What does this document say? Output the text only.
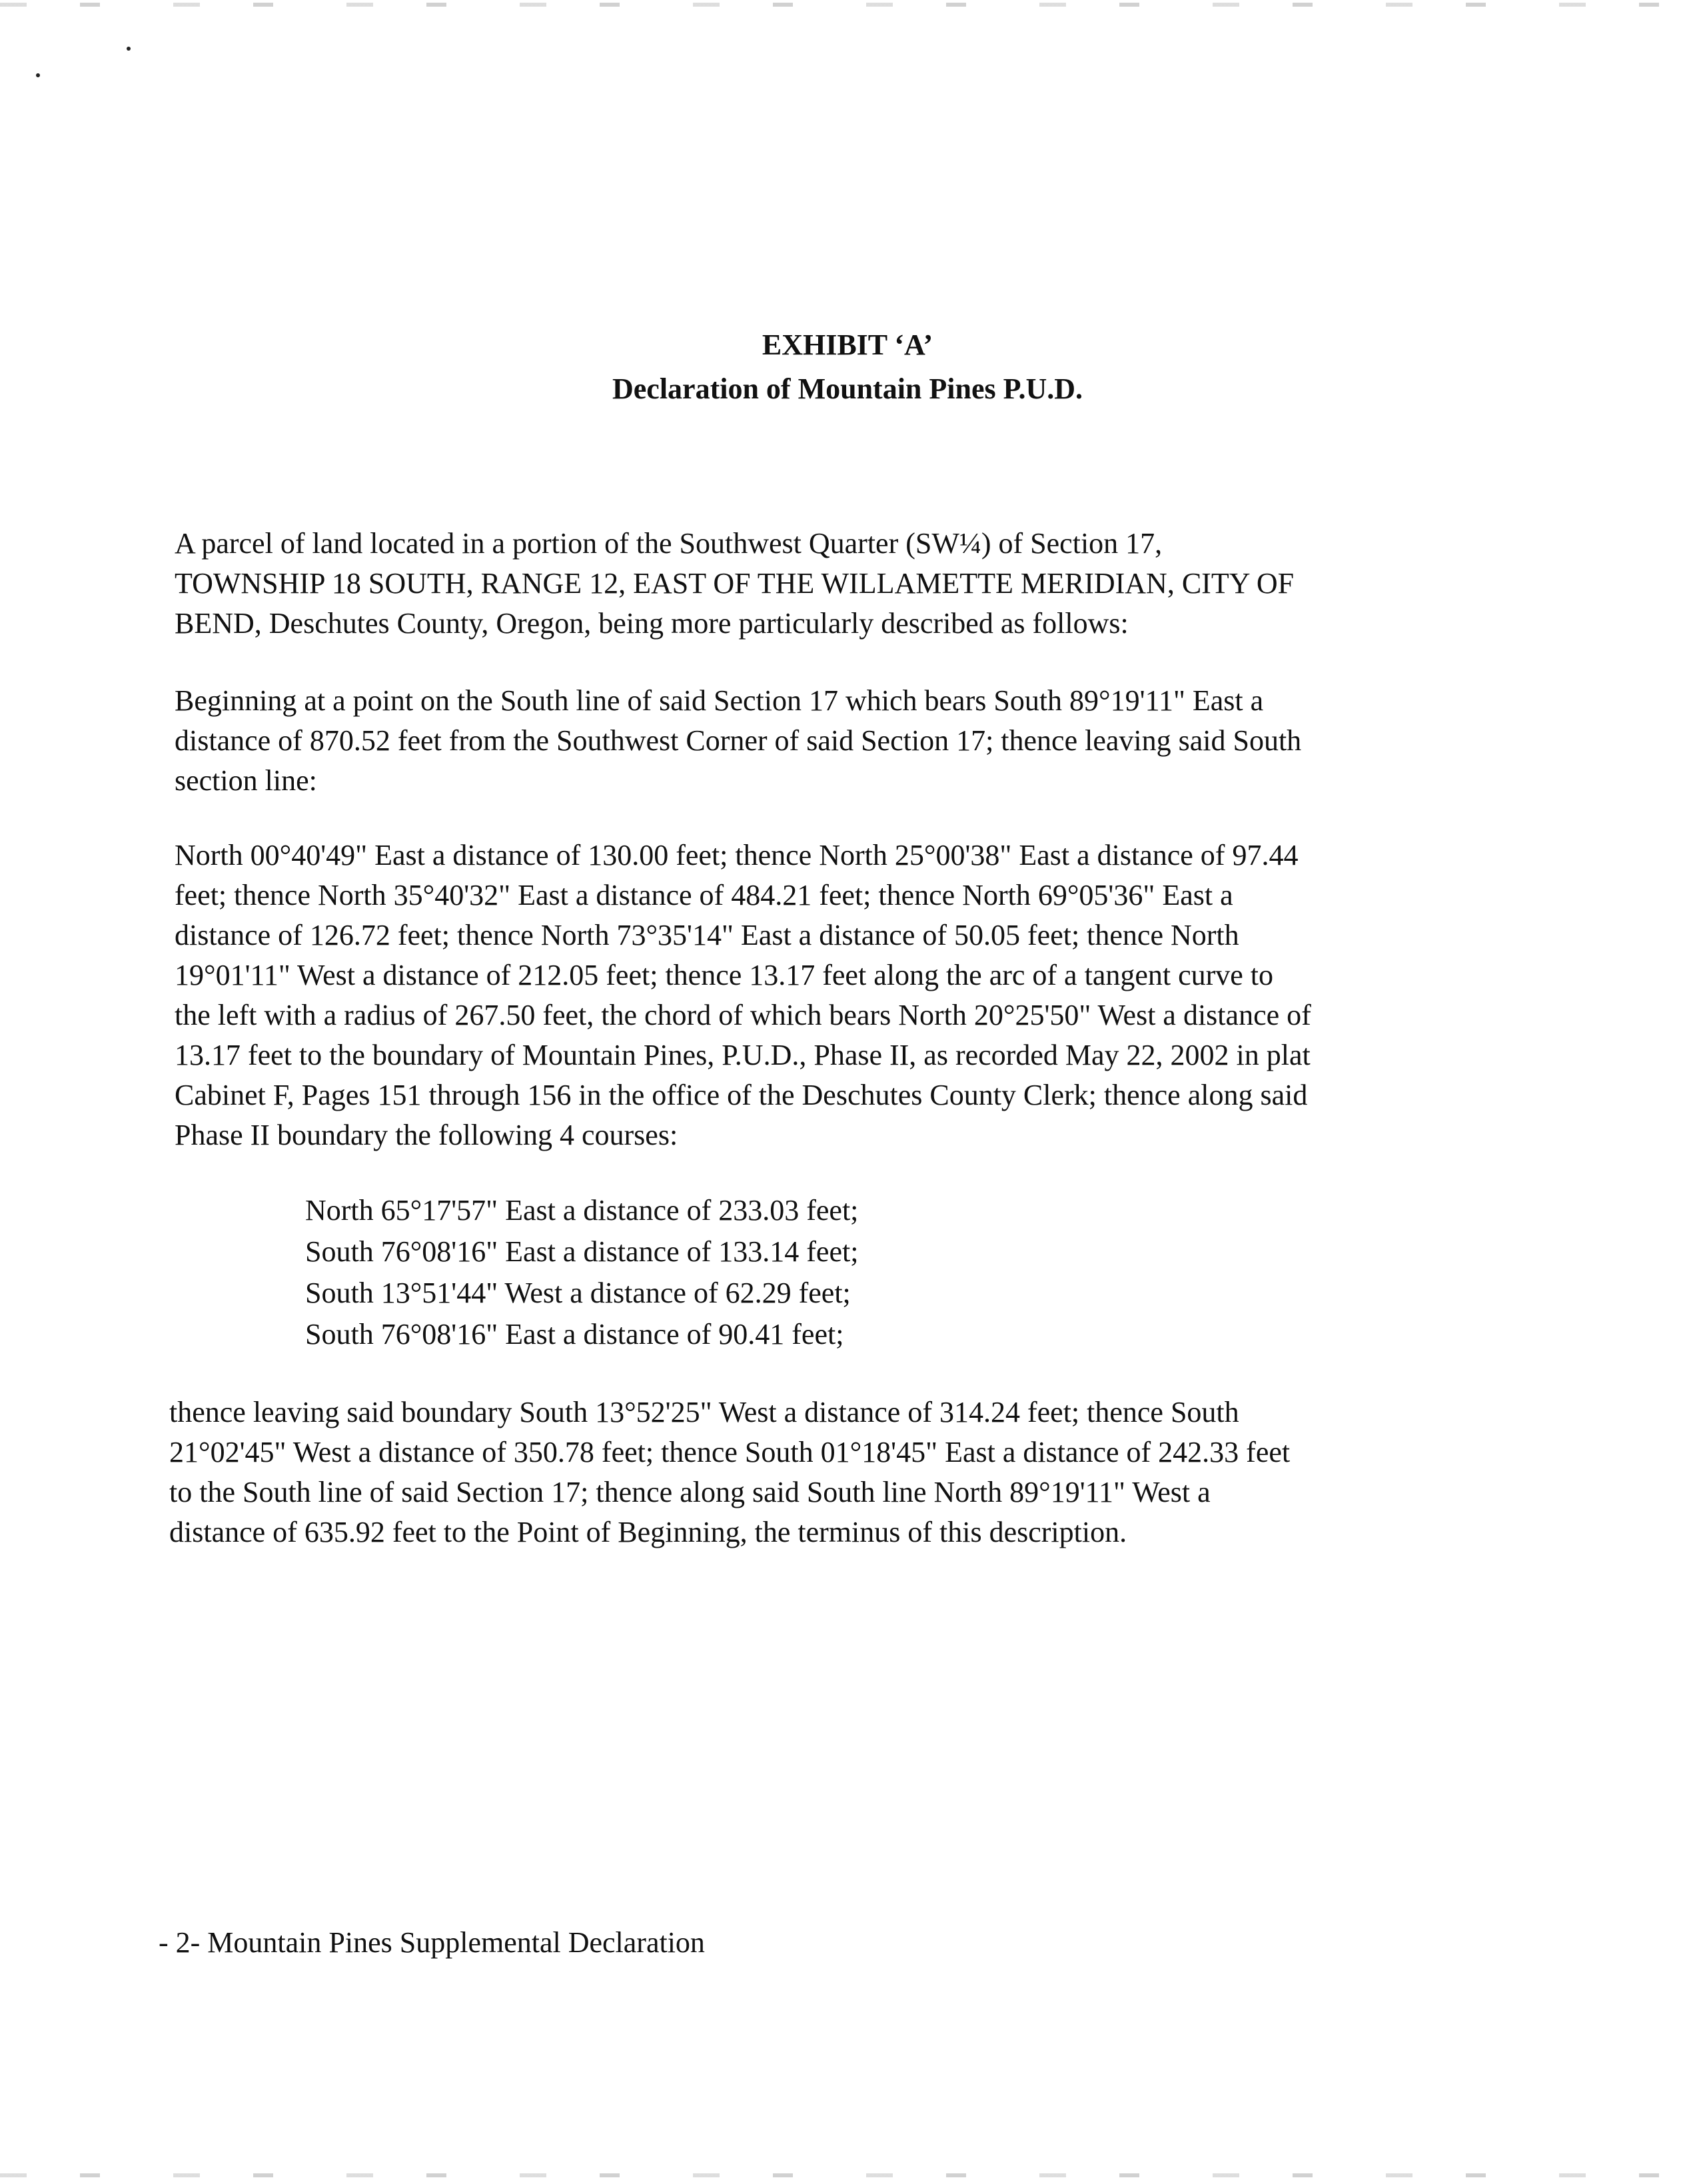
EXHIBIT ‘A’
Declaration of Mountain Pines P.U.D.

A parcel of land located in a portion of the Southwest Quarter (SW¼) of Section 17,
TOWNSHIP 18 SOUTH, RANGE 12, EAST OF THE WILLAMETTE MERIDIAN, CITY OF
BEND, Deschutes County, Oregon, being more particularly described as follows:

Beginning at a point on the South line of said Section 17 which bears South 89°19'11" East a
distance of 870.52 feet from the Southwest Corner of said Section 17; thence leaving said South
section line:

North 00°40'49" East a distance of 130.00 feet; thence North 25°00'38" East a distance of 97.44
feet; thence North 35°40'32" East a distance of 484.21 feet; thence North 69°05'36" East a
distance of 126.72 feet; thence North 73°35'14" East a distance of 50.05 feet; thence North
19°01'11" West a distance of 212.05 feet; thence 13.17 feet along the arc of a tangent curve to
the left with a radius of 267.50 feet, the chord of which bears North 20°25'50" West a distance of
13.17 feet to the boundary of Mountain Pines, P.U.D., Phase II, as recorded May 22, 2002 in plat
Cabinet F, Pages 151 through 156 in the office of the Deschutes County Clerk; thence along said
Phase II boundary the following 4 courses:

North 65°17'57" East a distance of 233.03 feet;
South 76°08'16" East a distance of 133.14 feet;
South 13°51'44" West a distance of 62.29 feet;
South 76°08'16" East a distance of 90.41 feet;

thence leaving said boundary South 13°52'25" West a distance of 314.24 feet; thence South
21°02'45" West a distance of 350.78 feet; thence South 01°18'45" East a distance of 242.33 feet
to the South line of said Section 17; thence along said South line North 89°19'11" West a
distance of 635.92 feet to the Point of Beginning, the terminus of this description.

- 2- Mountain Pines Supplemental Declaration
